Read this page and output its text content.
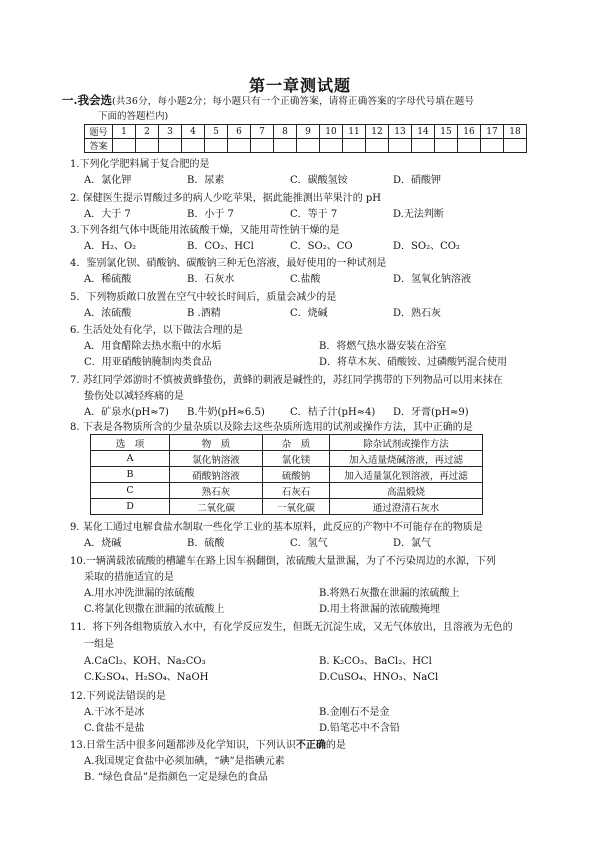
第一章测试题
一.我会选(共36分，每小题2分；每小题只有一个正确答案，请将正确答案的字母代号填在题号
下面的答题栏内)
题号	1	2	3	4	5	6	7	8	9	10	11	12	13	14	15	16	17	18
答案																		
1.下列化学肥料属于复合肥的是
A．氯化钾	B．尿素	C．碳酸氢铵	D．硝酸钾
2. 保健医生提示胃酸过多的病人少吃苹果，据此能推测出苹果汁的 pH
A．大于 7	B．小于 7	C．等于 7	D.无法判断
3.下列各组气体中既能用浓硫酸干燥，又能用苛性钠干燥的是
A．H₂、O₂	B．CO₂、HCl	C．SO₂、CO	D．SO₂、CO₂
4．鉴别氯化钡、硝酸钠、碳酸钠三种无色溶液，最好使用的一种试剂是
A．稀硫酸	B．石灰水	C.盐酸	D．氢氧化钠溶液
5．下列物质敞口放置在空气中较长时间后，质量会减少的是
A．浓硫酸	B .酒精	C．烧碱	D．熟石灰
6. 生活处处有化学，以下做法合理的是
A．用食醋除去热水瓶中的水垢	B．将燃气热水器安装在浴室
C．用亚硝酸钠腌制肉类食品	D．将草木灰、硝酸铵、过磷酸钙混合使用
7. 苏红同学郊游时不慎被黄蜂蛰伤，黄蜂的刺液是碱性的，苏红同学携带的下列物品可以用来抹在
蛰伤处以减轻疼痛的是
A．矿泉水(pH≈7) B.牛奶(pH≈6.5)	C．桔子汁(pH≈4) D．牙膏(pH≈9)
8. 下表是各物质所含的少量杂质以及除去这些杂质所选用的试剂或操作方法，其中正确的是
选　项	物　质	杂　质	除杂试剂或操作方法
A	氯化钠溶液	氯化镁	加入适量烧碱溶液，再过滤
B	硝酸钠溶液	硫酸钠	加入适量氯化钡溶液，再过滤
C	熟石灰	石灰石	高温煅烧
D	二氧化碳	一氧化碳	通过澄清石灰水
9. 某化工通过电解食盐水制取一些化学工业的基本原料，此反应的产物中不可能存在的物质是
A．烧碱	B．硫酸	C．氢气	D．氯气
10.一辆满载浓硫酸的槽罐车在路上因车祸翻倒，浓硫酸大量泄漏，为了不污染周边的水源，下列
采取的措施适宜的是
A.用水冲洗泄漏的浓硫酸	B.将熟石灰撒在泄漏的浓硫酸上
C.将氯化钡撒在泄漏的浓硫酸上	D.用土将泄漏的浓硫酸掩埋
11．将下列各组物质放入水中，有化学反应发生，但既无沉淀生成，又无气体放出，且溶液为无色的
一组是
A.CaCl₂、KOH、Na₂CO₃	B. K₂CO₃、BaCl₂、HCl
C.K₂SO₄、H₂SO₄、NaOH	D.CuSO₄、HNO₃、NaCl
12.下列说法错误的是
A.干冰不是冰	B.金刚石不是金
C.食盐不是盐	D.铅笔芯中不含铅
13.日常生活中很多问题都涉及化学知识，下列认识不正确的是
A.我国规定食盐中必须加碘，“碘”是指碘元素
B. “绿色食品”是指颜色一定是绿色的食品
